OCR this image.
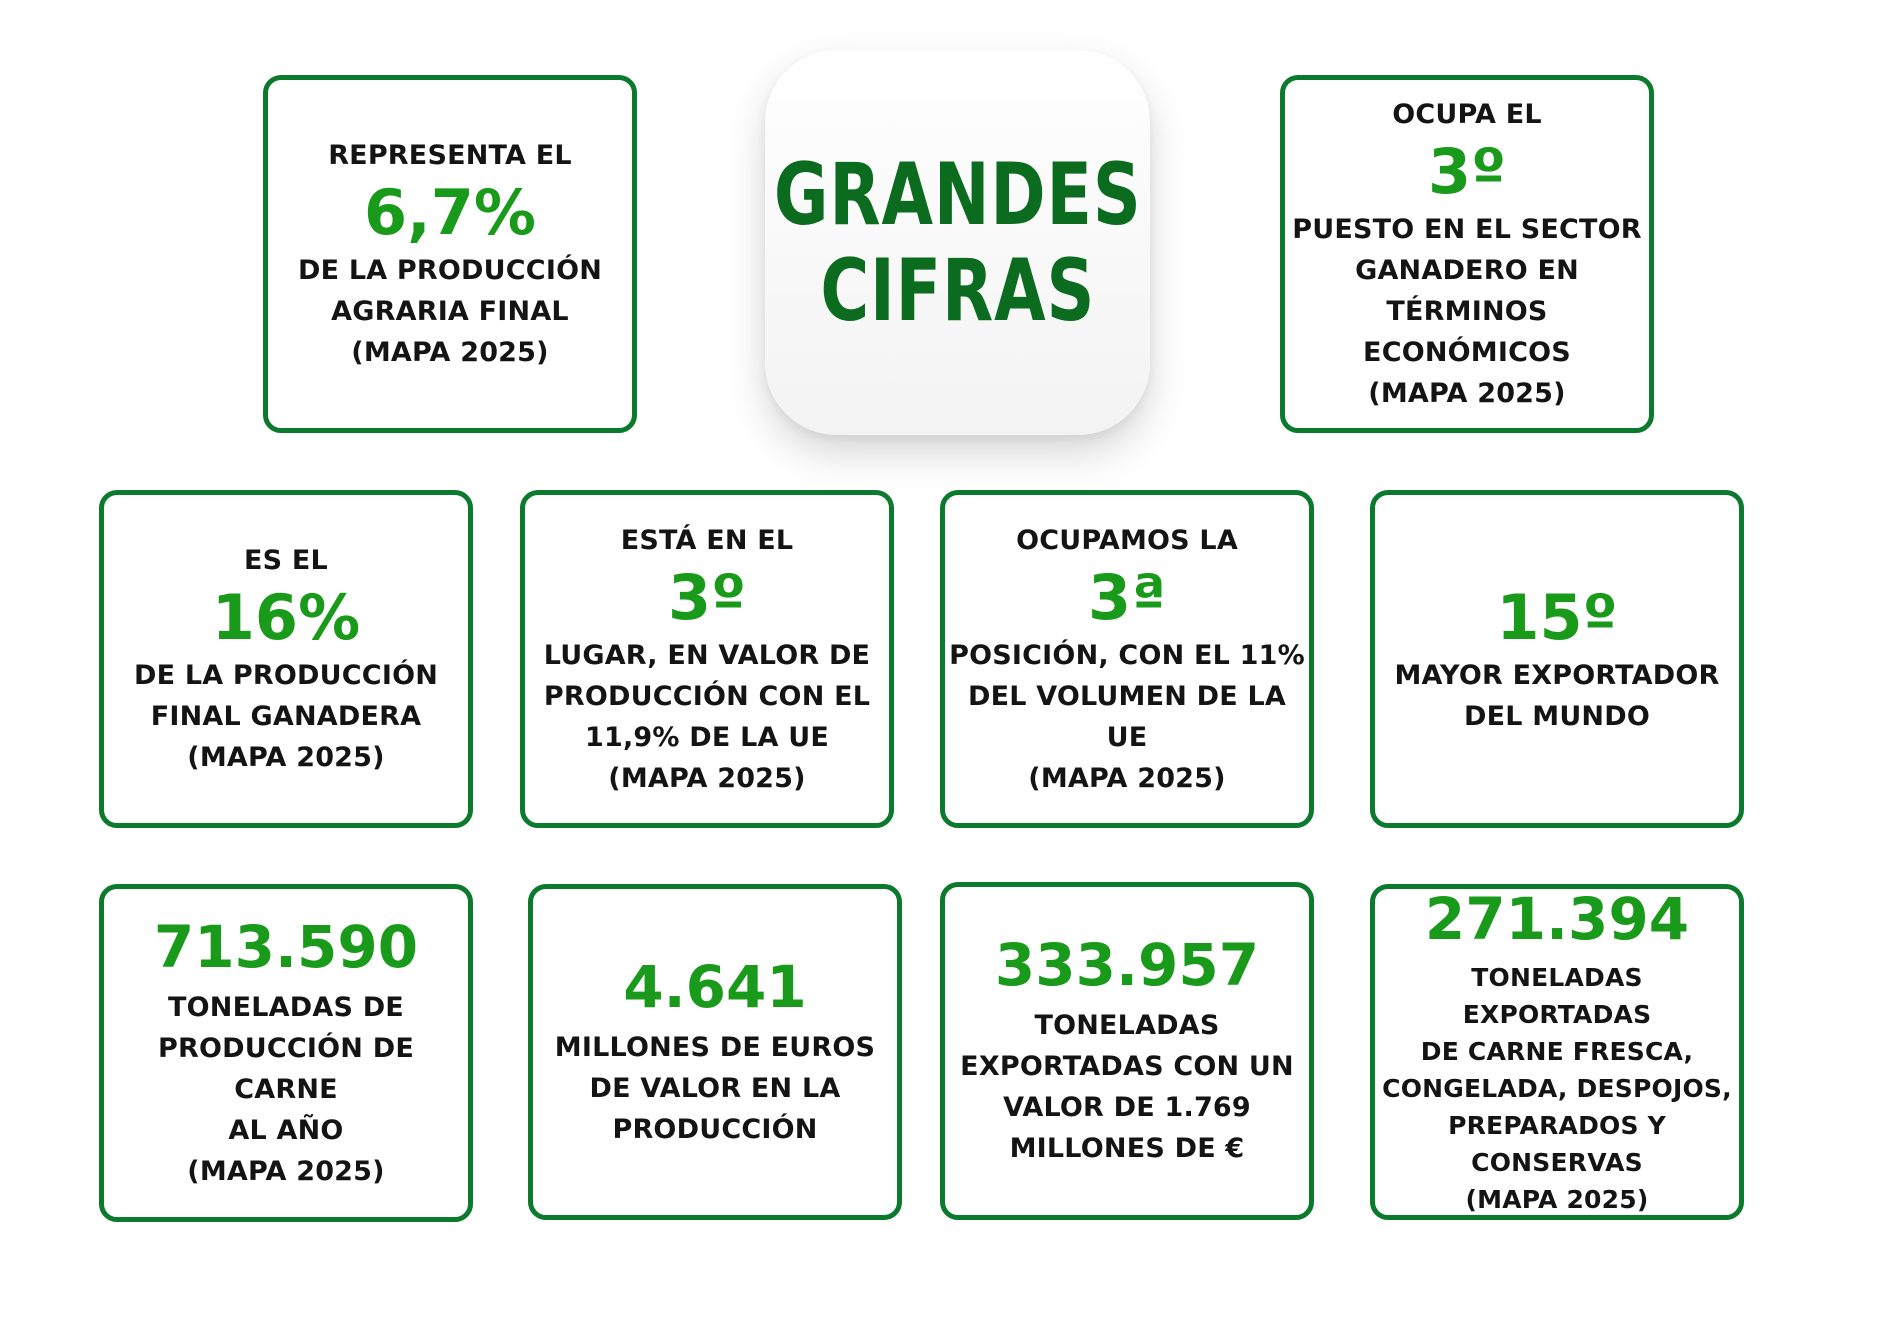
GRANDES
CIFRAS
REPRESENTA EL
6,7%
DE LA PRODUCCIÓN
AGRARIA FINAL
(MAPA 2025)
OCUPA EL
3º
PUESTO EN EL SECTOR
GANADERO EN
TÉRMINOS
ECONÓMICOS
(MAPA 2025)
ES EL
16%
DE LA PRODUCCIÓN
FINAL GANADERA
(MAPA 2025)
ESTÁ EN EL
3º
LUGAR, EN VALOR DE
PRODUCCIÓN CON EL
11,9% DE LA UE
(MAPA 2025)
OCUPAMOS LA
3ª
POSICIÓN, CON EL 11%
DEL VOLUMEN DE LA UE
(MAPA 2025)
15º
MAYOR EXPORTADOR
DEL MUNDO
713.590
TONELADAS DE
PRODUCCIÓN DE CARNE
AL AÑO
(MAPA 2025)
4.641
MILLONES DE EUROS
DE VALOR EN LA
PRODUCCIÓN
333.957
TONELADAS
EXPORTADAS CON UN
VALOR DE 1.769
MILLONES DE €
271.394
TONELADAS EXPORTADAS
DE CARNE FRESCA,
CONGELADA, DESPOJOS,
PREPARADOS Y CONSERVAS
(MAPA 2025)
